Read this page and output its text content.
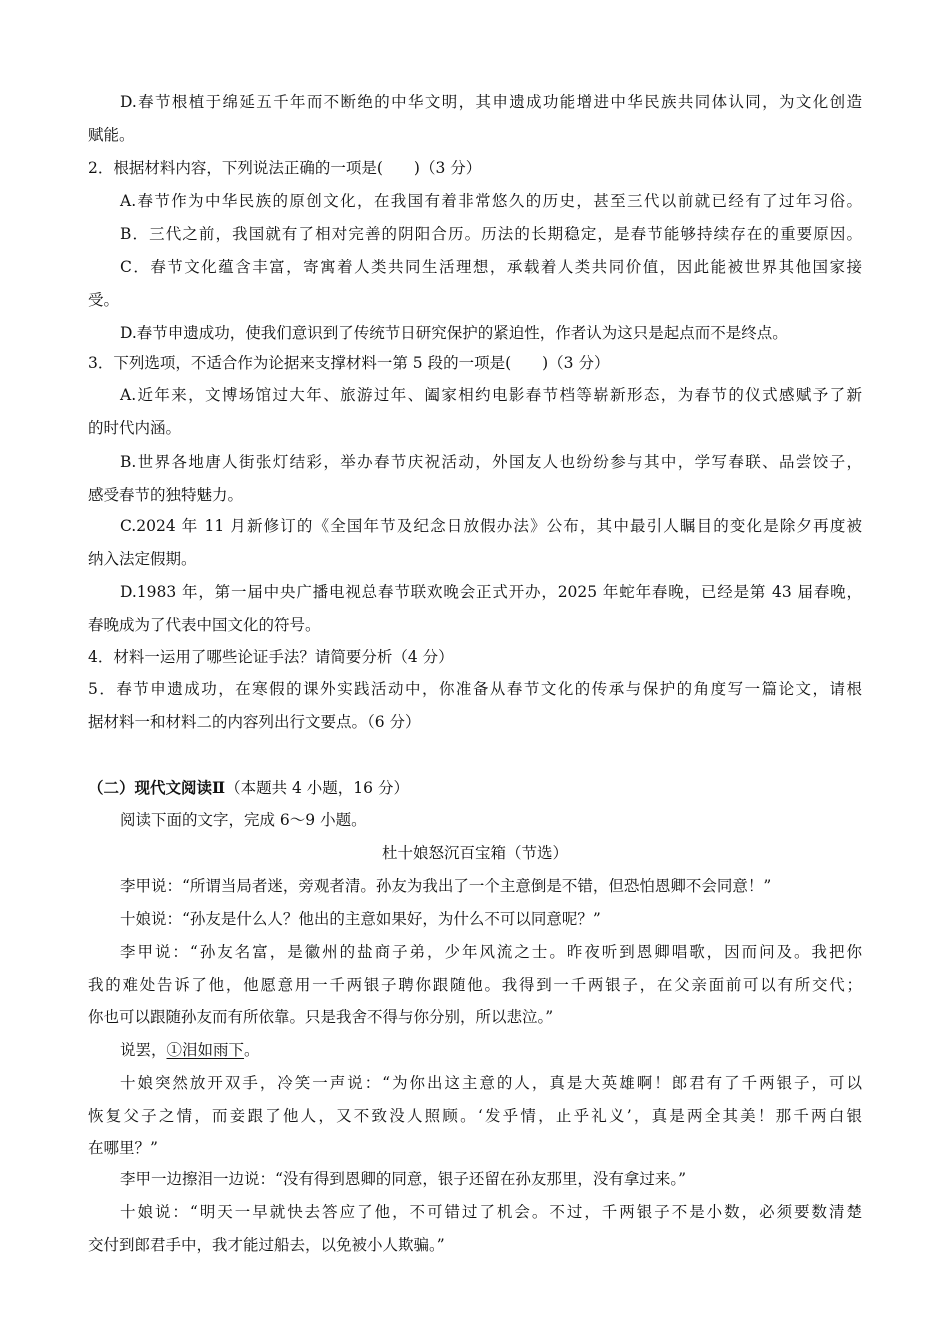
D.春节根植于绵延五千年而不断绝的中华文明，其申遗成功能增进中华民族共同体认同，为文化创造
赋能。
2．根据材料内容，下列说法正确的一项是(　　)（3 分）
A.春节作为中华民族的原创文化，在我国有着非常悠久的历史，甚至三代以前就已经有了过年习俗。
B．三代之前，我国就有了相对完善的阴阳合历。历法的长期稳定，是春节能够持续存在的重要原因。
C．春节文化蕴含丰富，寄寓着人类共同生活理想，承载着人类共同价值，因此能被世界其他国家接
受。
D.春节申遗成功，使我们意识到了传统节日研究保护的紧迫性，作者认为这只是起点而不是终点。
3．下列选项，不适合作为论据来支撑材料一第 5 段的一项是(　　)（3 分）
A.近年来，文博场馆过大年、旅游过年、阖家相约电影春节档等崭新形态，为春节的仪式感赋予了新
的时代内涵。
B.世界各地唐人街张灯结彩，举办春节庆祝活动，外国友人也纷纷参与其中，学写春联、品尝饺子，
感受春节的独特魅力。
C.2024 年 11 月新修订的《全国年节及纪念日放假办法》公布，其中最引人瞩目的变化是除夕再度被
纳入法定假期。
D.1983 年，第一届中央广播电视总春节联欢晚会正式开办，2025 年蛇年春晚，已经是第 43 届春晚，
春晚成为了代表中国文化的符号。
4．材料一运用了哪些论证手法？请简要分析（4 分）
5．春节申遗成功，在寒假的课外实践活动中，你准备从春节文化的传承与保护的角度写一篇论文，请根
据材料一和材料二的内容列出行文要点。（6 分）
（二）现代文阅读Ⅱ（本题共 4 小题，16 分）
阅读下面的文字，完成 6～9 小题。
杜十娘怒沉百宝箱（节选）
李甲说：“所谓当局者迷，旁观者清。孙友为我出了一个主意倒是不错，但恐怕恩卿不会同意！”
十娘说：“孙友是什么人？他出的主意如果好，为什么不可以同意呢？”
李甲说：“孙友名富，是徽州的盐商子弟，少年风流之士。昨夜听到恩卿唱歌，因而问及。我把你
我的难处告诉了他，他愿意用一千两银子聘你跟随他。我得到一千两银子，在父亲面前可以有所交代；
你也可以跟随孙友而有所依靠。只是我舍不得与你分别，所以悲泣。”
说罢，①泪如雨下。
十娘突然放开双手，冷笑一声说：“为你出这主意的人，真是大英雄啊！郎君有了千两银子，可以
恢复父子之情，而妾跟了他人，又不致没人照顾。‘发乎情，止乎礼义’，真是两全其美！那千两白银
在哪里？”
李甲一边擦泪一边说：“没有得到恩卿的同意，银子还留在孙友那里，没有拿过来。”
十娘说：“明天一早就快去答应了他，不可错过了机会。不过，千两银子不是小数，必须要数清楚
交付到郎君手中，我才能过船去，以免被小人欺骗。”
